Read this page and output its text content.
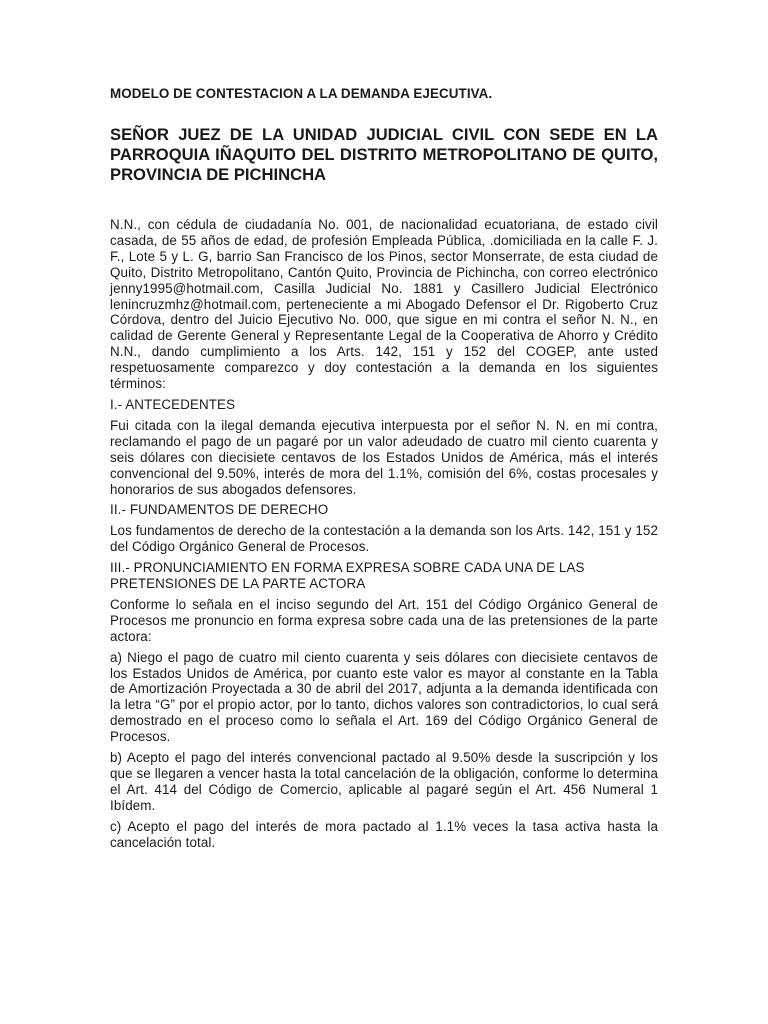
MODELO DE CONTESTACION A LA DEMANDA EJECUTIVA.
SEÑOR JUEZ DE LA UNIDAD JUDICIAL CIVIL CON SEDE EN LA PARROQUIA IÑAQUITO DEL DISTRITO METROPOLITANO DE QUITO, PROVINCIA DE PICHINCHA

N.N., con cédula de ciudadanía No. 001, de nacionalidad ecuatoriana, de estado civil casada, de 55 años de edad, de profesión Empleada Pública, .domiciliada en la calle F. J. F., Lote 5 y L. G, barrio San Francisco de los Pinos, sector Monserrate, de esta ciudad de Quito, Distrito Metropolitano, Cantón Quito, Provincia de Pichincha, con correo electrónico jenny1995@hotmail.com, Casilla Judicial No. 1881 y Casillero Judicial Electrónico lenincruzmhz@hotmail.com, perteneciente a mi Abogado Defensor el Dr. Rigoberto Cruz Córdova, dentro del Juicio Ejecutivo No. 000, que sigue en mi contra el señor N. N., en calidad de Gerente General y Representante Legal de la Cooperativa de Ahorro y Crédito N.N., dando cumplimiento a los Arts. 142, 151 y 152 del COGEP, ante usted respetuosamente comparezco y doy contestación a la demanda en los siguientes términos:

I.- ANTECEDENTES

Fui citada con la ilegal demanda ejecutiva interpuesta por el señor N. N. en mi contra, reclamando el pago de un pagaré por un valor adeudado de cuatro mil ciento cuarenta y seis dólares con diecisiete centavos de los Estados Unidos de América, más el interés convencional del 9.50%, interés de mora del 1.1%, comisión del 6%, costas procesales y honorarios de sus abogados defensores.

II.- FUNDAMENTOS DE DERECHO

Los fundamentos de derecho de la contestación a la demanda son los Arts. 142, 151 y 152 del Código Orgánico General de Procesos.

III.- PRONUNCIAMIENTO EN FORMA EXPRESA SOBRE CADA UNA DE LAS PRETENSIONES DE LA PARTE ACTORA

Conforme lo señala en el inciso segundo del Art. 151 del Código Orgánico General de Procesos me pronuncio en forma expresa sobre cada una de las pretensiones de la parte actora:

a) Niego el pago de cuatro mil ciento cuarenta y seis dólares con diecisiete centavos de los Estados Unidos de América, por cuanto este valor es mayor al constante en la Tabla de Amortización Proyectada a 30 de abril del 2017, adjunta a la demanda identificada con la letra “G” por el propio actor, por lo tanto, dichos valores son contradictorios, lo cual será demostrado en el proceso como lo señala el Art. 169 del Código Orgánico General de Procesos.

b) Acepto el pago del interés convencional pactado al 9.50% desde la suscripción y los que se llegaren a vencer hasta la total cancelación de la obligación, conforme lo determina el Art. 414 del Código de Comercio, aplicable al pagaré según el Art. 456 Numeral 1 Ibídem.

c) Acepto el pago del interés de mora pactado al 1.1% veces la tasa activa hasta la cancelación total.
